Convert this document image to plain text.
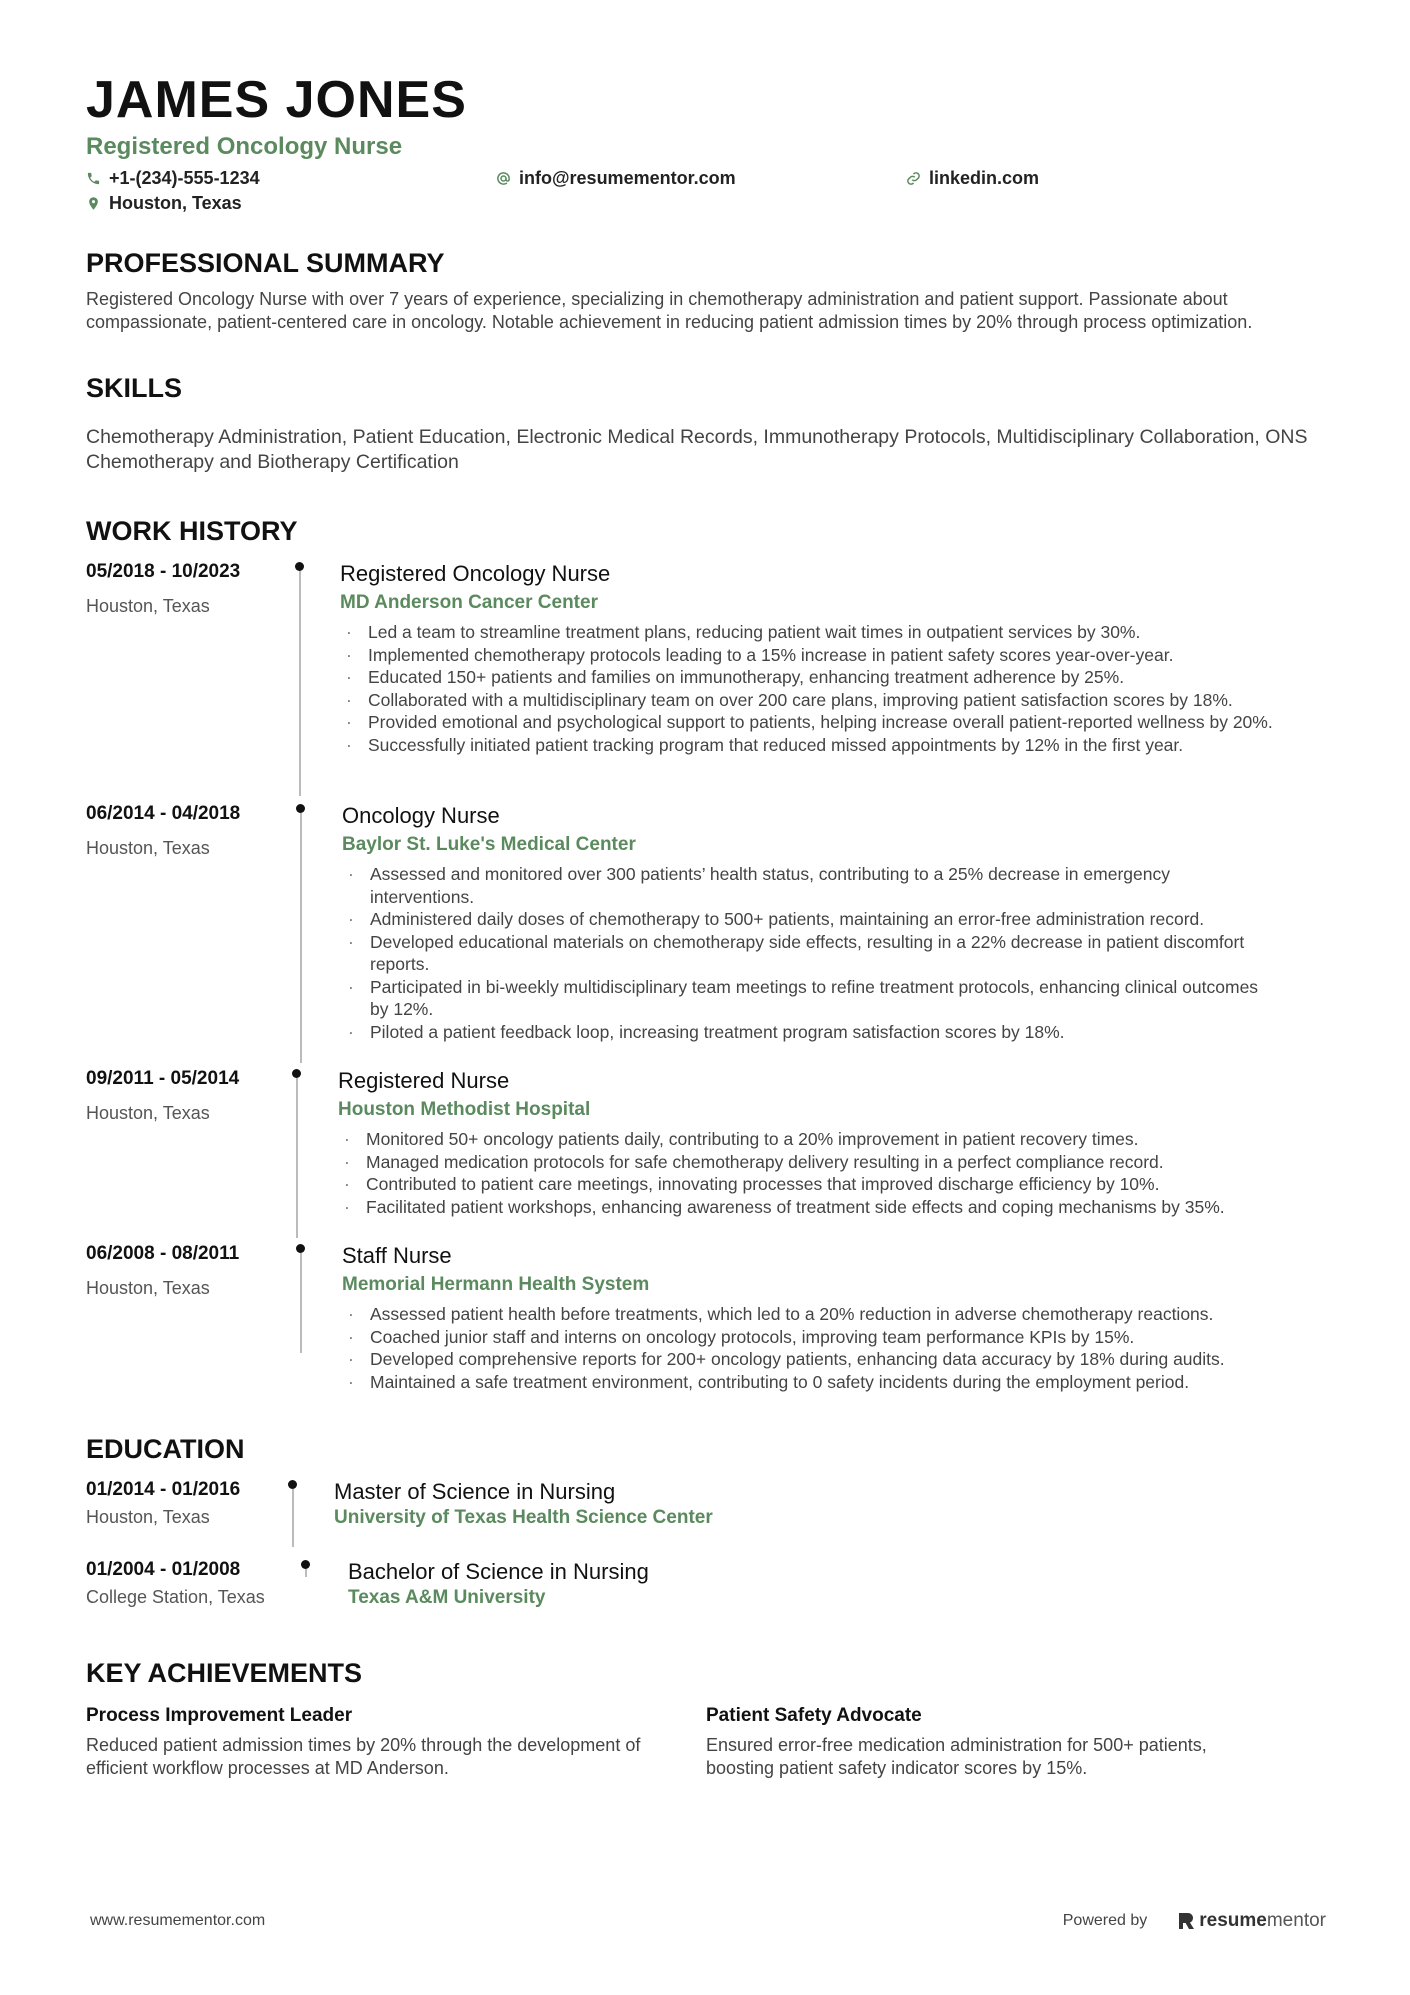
JAMES JONES
Registered Oncology Nurse
+1-(234)-555-1234	info@resumementor.com	linkedin.com
Houston, Texas
PROFESSIONAL SUMMARY
Registered Oncology Nurse with over 7 years of experience, specializing in chemotherapy administration and patient support. Passionate about compassionate, patient-centered care in oncology. Notable achievement in reducing patient admission times by 20% through process optimization.
SKILLS
Chemotherapy Administration, Patient Education, Electronic Medical Records, Immunotherapy Protocols, Multidisciplinary Collaboration, ONS Chemotherapy and Biotherapy Certification
WORK HISTORY
05/2018 - 10/2023
Houston, Texas
Registered Oncology Nurse
MD Anderson Cancer Center
· Led a team to streamline treatment plans, reducing patient wait times in outpatient services by 30%.
· Implemented chemotherapy protocols leading to a 15% increase in patient safety scores year-over-year.
· Educated 150+ patients and families on immunotherapy, enhancing treatment adherence by 25%.
· Collaborated with a multidisciplinary team on over 200 care plans, improving patient satisfaction scores by 18%.
· Provided emotional and psychological support to patients, helping increase overall patient-reported wellness by 20%.
· Successfully initiated patient tracking program that reduced missed appointments by 12% in the first year.
06/2014 - 04/2018
Houston, Texas
Oncology Nurse
Baylor St. Luke's Medical Center
· Assessed and monitored over 300 patients’ health status, contributing to a 25% decrease in emergency interventions.
· Administered daily doses of chemotherapy to 500+ patients, maintaining an error-free administration record.
· Developed educational materials on chemotherapy side effects, resulting in a 22% decrease in patient discomfort reports.
· Participated in bi-weekly multidisciplinary team meetings to refine treatment protocols, enhancing clinical outcomes by 12%.
· Piloted a patient feedback loop, increasing treatment program satisfaction scores by 18%.
09/2011 - 05/2014
Houston, Texas
Registered Nurse
Houston Methodist Hospital
· Monitored 50+ oncology patients daily, contributing to a 20% improvement in patient recovery times.
· Managed medication protocols for safe chemotherapy delivery resulting in a perfect compliance record.
· Contributed to patient care meetings, innovating processes that improved discharge efficiency by 10%.
· Facilitated patient workshops, enhancing awareness of treatment side effects and coping mechanisms by 35%.
06/2008 - 08/2011
Houston, Texas
Staff Nurse
Memorial Hermann Health System
· Assessed patient health before treatments, which led to a 20% reduction in adverse chemotherapy reactions.
· Coached junior staff and interns on oncology protocols, improving team performance KPIs by 15%.
· Developed comprehensive reports for 200+ oncology patients, enhancing data accuracy by 18% during audits.
· Maintained a safe treatment environment, contributing to 0 safety incidents during the employment period.
EDUCATION
01/2014 - 01/2016
Houston, Texas
Master of Science in Nursing
University of Texas Health Science Center
01/2004 - 01/2008
College Station, Texas
Bachelor of Science in Nursing
Texas A&M University
KEY ACHIEVEMENTS
Process Improvement Leader
Reduced patient admission times by 20% through the development of efficient workflow processes at MD Anderson.
Patient Safety Advocate
Ensured error-free medication administration for 500+ patients, boosting patient safety indicator scores by 15%.
www.resumementor.com	Powered by	resume mentor
